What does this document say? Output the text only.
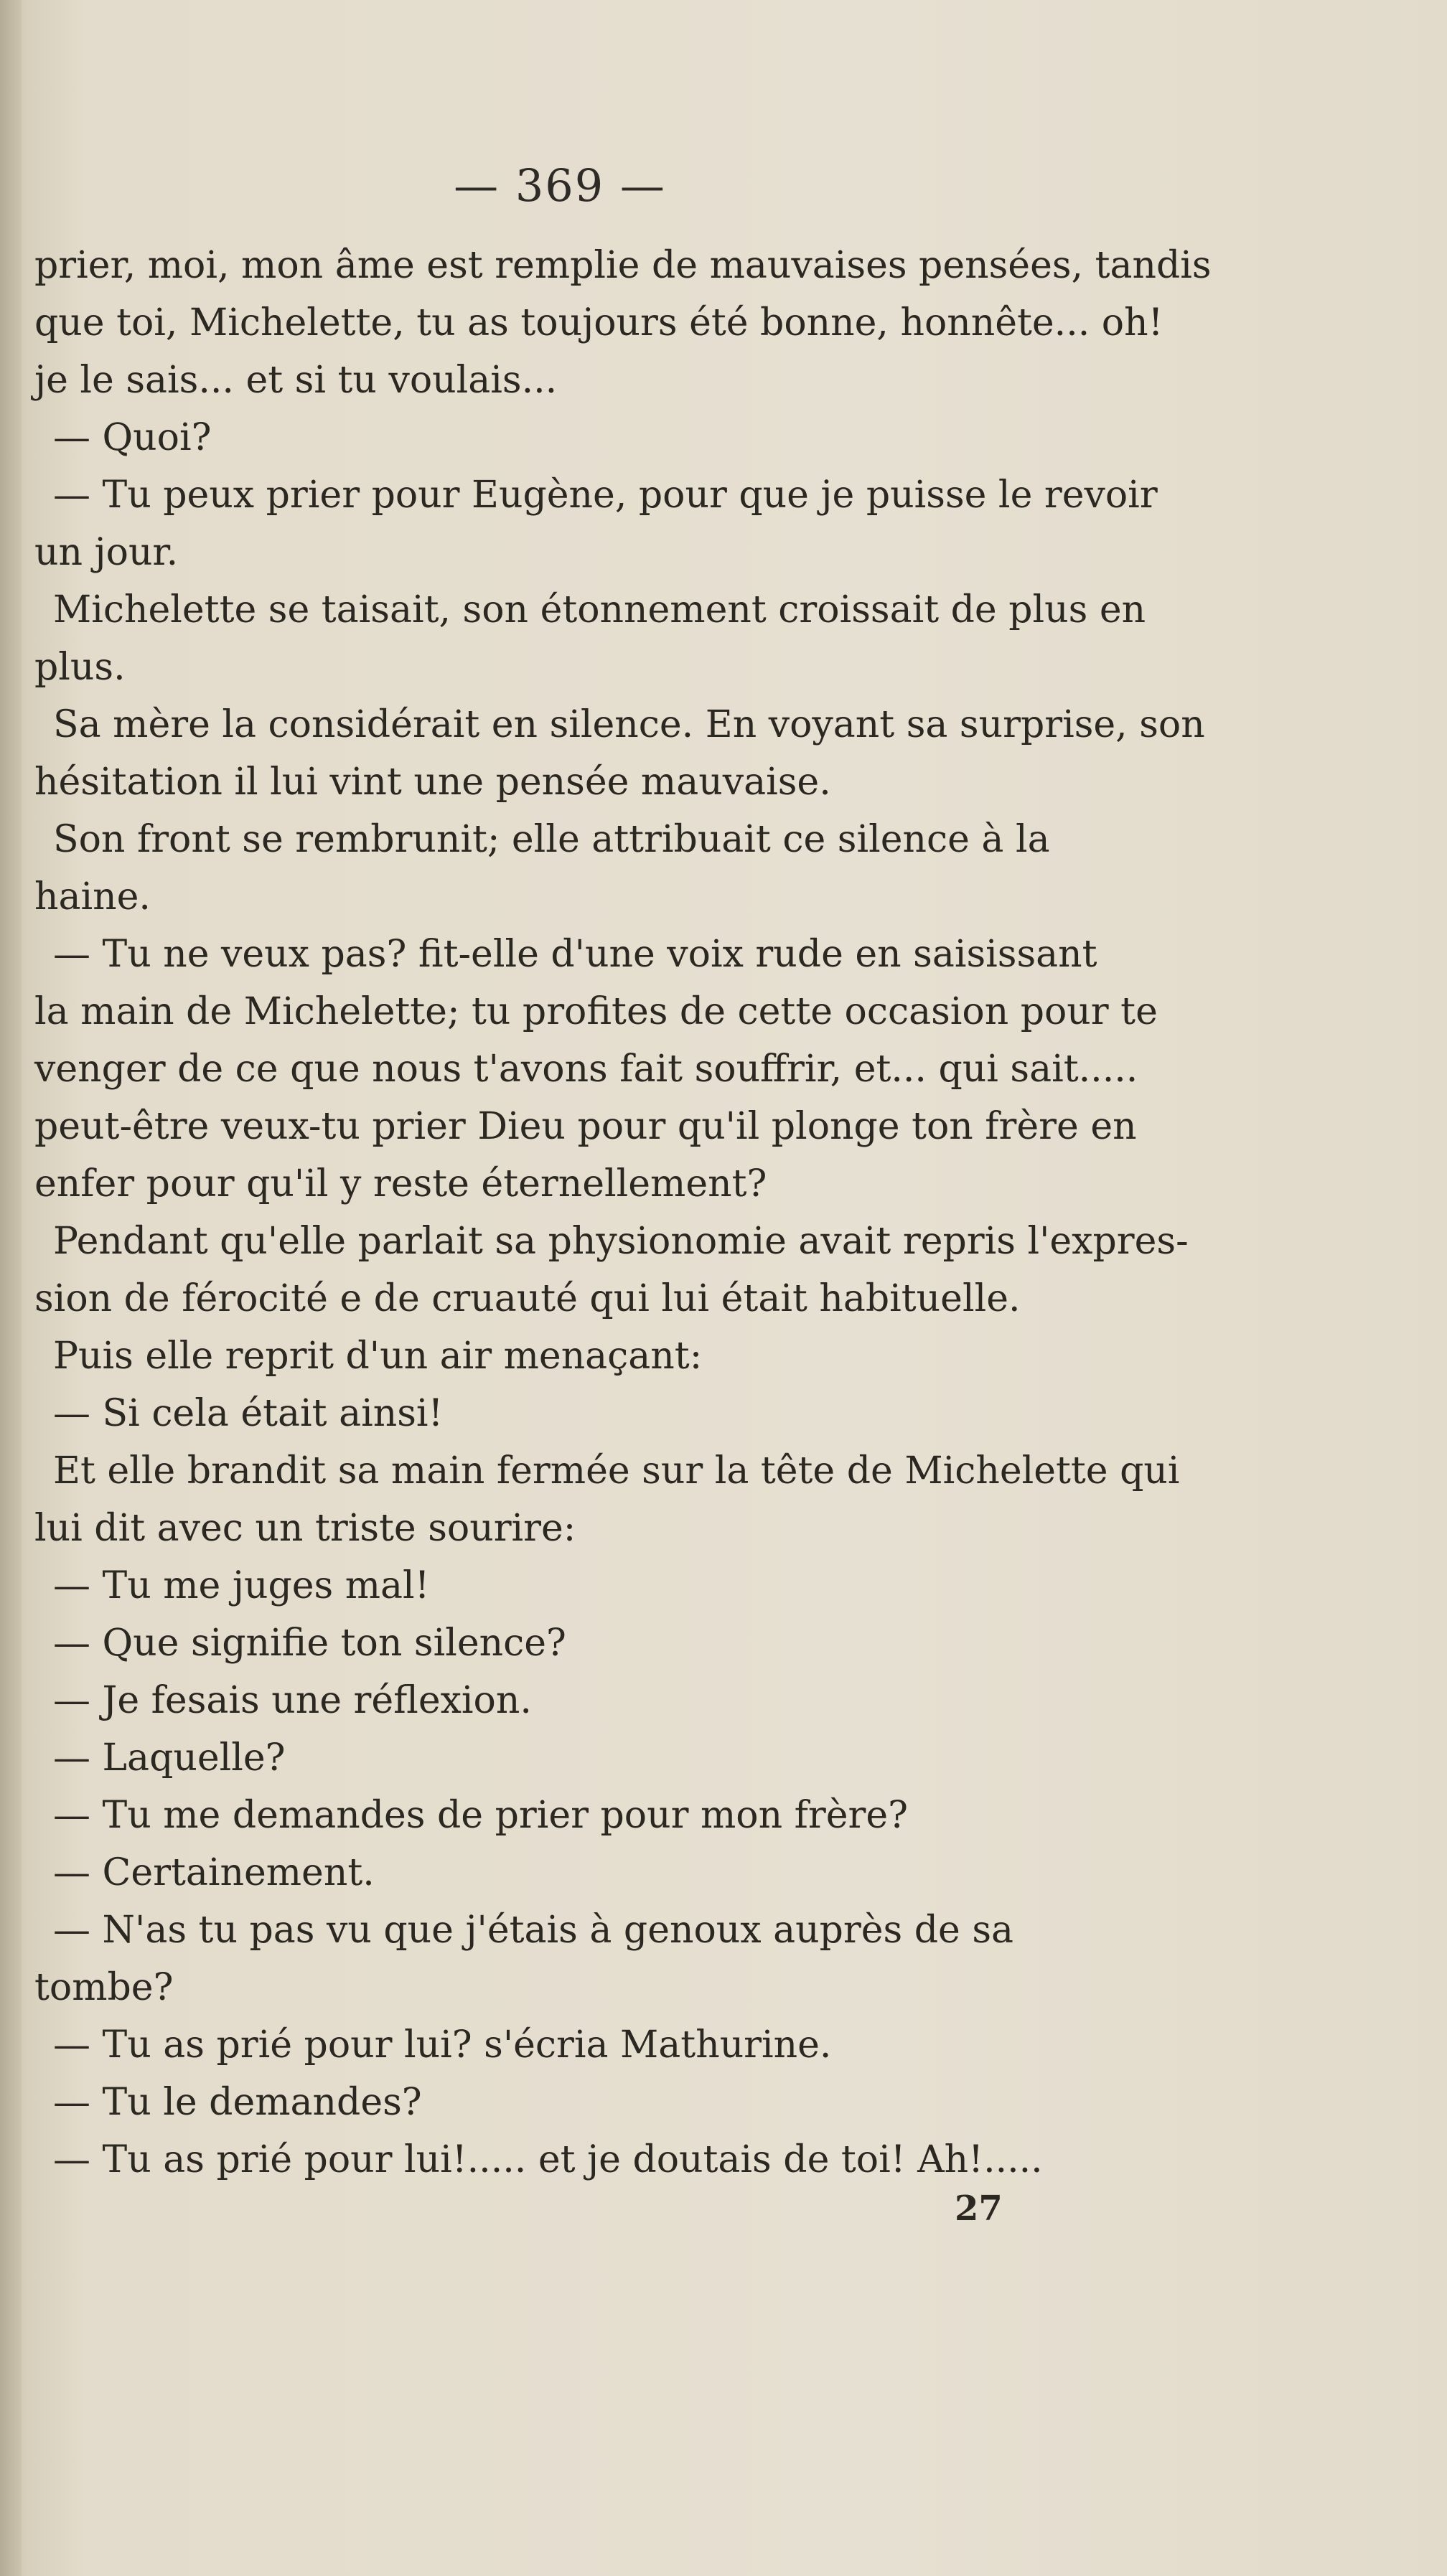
— 369 —
prier, moi, mon âme est remplie de mauvaises pensées, tandis
que toi, Michelette, tu as toujours été bonne, honnête... oh!
je le sais... et si tu voulais...
— Quoi?
— Tu peux prier pour Eugène, pour que je puisse le revoir
un jour.
Michelette se taisait, son étonnement croissait de plus en
plus.
Sa mère la considérait en silence. En voyant sa surprise, son
hésitation il lui vint une pensée mauvaise.
Son front se rembrunit; elle attribuait ce silence à la
haine.
— Tu ne veux pas? fit-elle d'une voix rude en saisissant
la main de Michelette; tu profites de cette occasion pour te
venger de ce que nous t'avons fait souffrir, et... qui sait.....
peut-être veux-tu prier Dieu pour qu'il plonge ton frère en
enfer pour qu'il y reste éternellement?
Pendant qu'elle parlait sa physionomie avait repris l'expres-
sion de férocité e de cruauté qui lui était habituelle.
Puis elle reprit d'un air menaçant:
— Si cela était ainsi!
Et elle brandit sa main fermée sur la tête de Michelette qui
lui dit avec un triste sourire:
— Tu me juges mal!
— Que signifie ton silence?
— Je fesais une réflexion.
— Laquelle?
— Tu me demandes de prier pour mon frère?
— Certainement.
— N'as tu pas vu que j'étais à genoux auprès de sa
tombe?
— Tu as prié pour lui? s'écria Mathurine.
— Tu le demandes?
— Tu as prié pour lui!..... et je doutais de toi! Ah!.....
27
